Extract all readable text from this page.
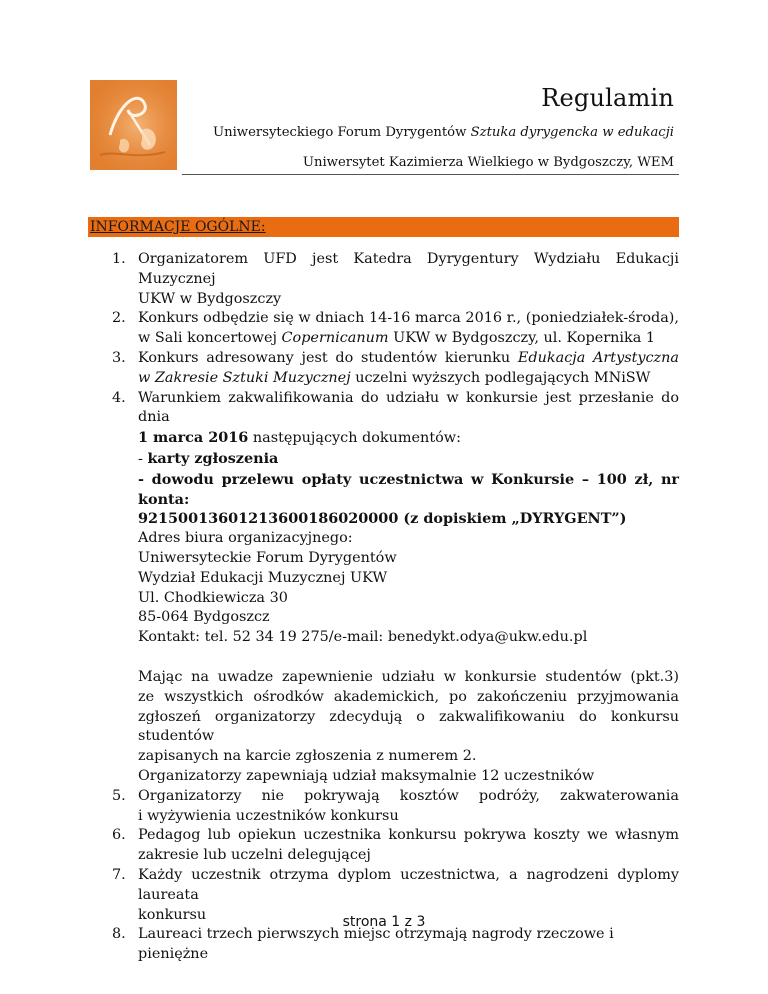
Regulamin
Uniwersyteckiego Forum Dyrygentów Sztuka dyrygencka w edukacji
Uniwersytet Kazimierza Wielkiego w Bydgoszczy, WEM
INFORMACJE OGÓLNE:
1. Organizatorem UFD jest Katedra Dyrygentury Wydziału Edukacji Muzycznej
UKW w Bydgoszczy
2. Konkurs odbędzie się w dniach 14-16 marca 2016 r., (poniedziałek-środa),
w Sali koncertowej Copernicanum UKW w Bydgoszczy, ul. Kopernika 1
3. Konkurs adresowany jest do studentów kierunku Edukacja Artystyczna
w Zakresie Sztuki Muzycznej uczelni wyższych podlegających MNiSW
4. Warunkiem zakwalifikowania do udziału w konkursie jest przesłanie do dnia
1 marca 2016 następujących dokumentów:
- karty zgłoszenia
- dowodu przelewu opłaty uczestnictwa w Konkursie – 100 zł, nr konta:
92150013601213600186020000 (z dopiskiem „DYRYGENT”)
Adres biura organizacyjnego:
Uniwersyteckie Forum Dyrygentów
Wydział Edukacji Muzycznej UKW
Ul. Chodkiewicza 30
85-064 Bydgoszcz
Kontakt: tel. 52 34 19 275/e-mail: benedykt.odya@ukw.edu.pl
Mając na uwadze zapewnienie udziału w konkursie studentów (pkt.3)
ze wszystkich ośrodków akademickich, po zakończeniu przyjmowania
zgłoszeń organizatorzy zdecydują o zakwalifikowaniu do konkursu studentów
zapisanych na karcie zgłoszenia z numerem 2.
Organizatorzy zapewniają udział maksymalnie 12 uczestników
5. Organizatorzy nie pokrywają kosztów podróży, zakwaterowania
i wyżywienia uczestników konkursu
6. Pedagog lub opiekun uczestnika konkursu pokrywa koszty we własnym
zakresie lub uczelni delegującej
7. Każdy uczestnik otrzyma dyplom uczestnictwa, a nagrodzeni dyplomy laureata
konkursu
8. Laureaci trzech pierwszych miejsc otrzymają nagrody rzeczowe i pieniężne
strona 1 z 3
